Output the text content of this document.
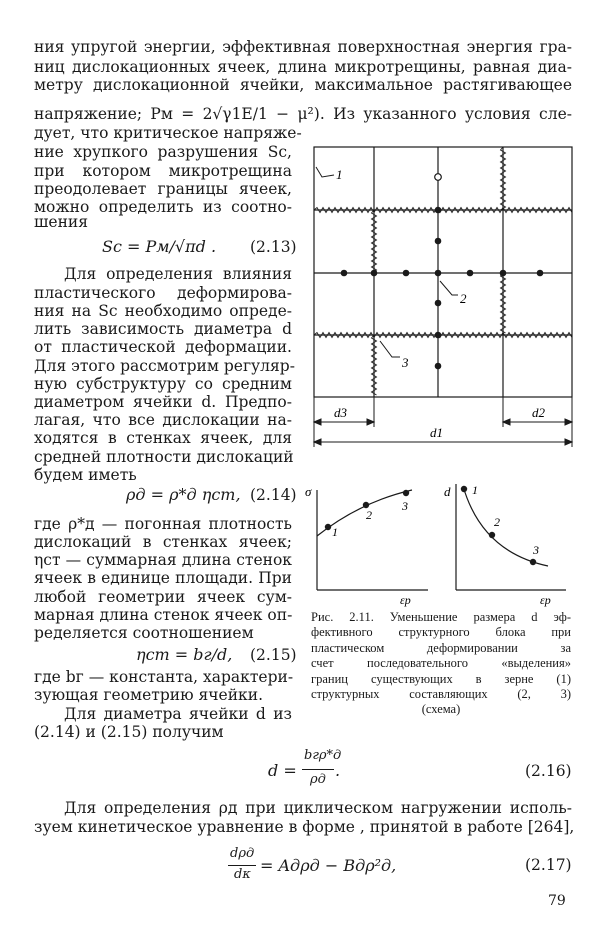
ния упругой энергии, эффективная поверхностная энергия гра-
ниц дислокационных ячеек, длина микротрещины, равная диа-
метру дислокационной ячейки, максимальное растягивающее
напряжение; Pм = 2√γ1E/1 − μ²). Из указанного условия сле-
дует, что критическое напряже-
ние хрупкого разрушения Sc,
при котором микротрещина
преодолевает границы ячеек,
можно определить из соотно-
шения
Sc = Pм/√πd . (2.13)
Для определения влияния
пластического деформирова-
ния на Sc необходимо опреде-
лить зависимость диаметра d
от пластической деформации.
Для этого рассмотрим регуляр-
ную субструктуру со средним
диаметром ячейки d. Предпо-
лагая, что все дислокации на-
ходятся в стенках ячеек, для
средней плотности дислокаций
будем иметь
ρд = ρ*д ηст, (2.14)
где ρ*д — погонная плотность
дислокаций в стенках ячеек;
ηст — суммарная длина стенок
ячеек в единице площади. При
любой геометрии ячеек сум-
марная длина стенок ячеек оп-
ределяется соотношением
ηст = bг/d, (2.15)
где bг — константа, характери-
зующая геометрию ячейки.
Для диаметра ячейки d из
(2.14) и (2.15) получим
d =
bгρ*д
ρд .	(2.16)
Для определения ρд при циклическом нагружении исполь-
зуем кинетическое уравнение в форме , принятой в работе [264],
dρд
dκ = Aдρд − Bдρ²д,	(2.17)
79
1
2
3
d3	d2
d1
σ
εp
1
2
3
d
εp
1
2
3
Рис. 2.11. Уменьшение размера d эф-
фективного структурного блока при
пластическом деформировании за
счет последовательного «выделения»
границ существующих в зерне (1)
структурных составляющих (2, 3)
(схема)
